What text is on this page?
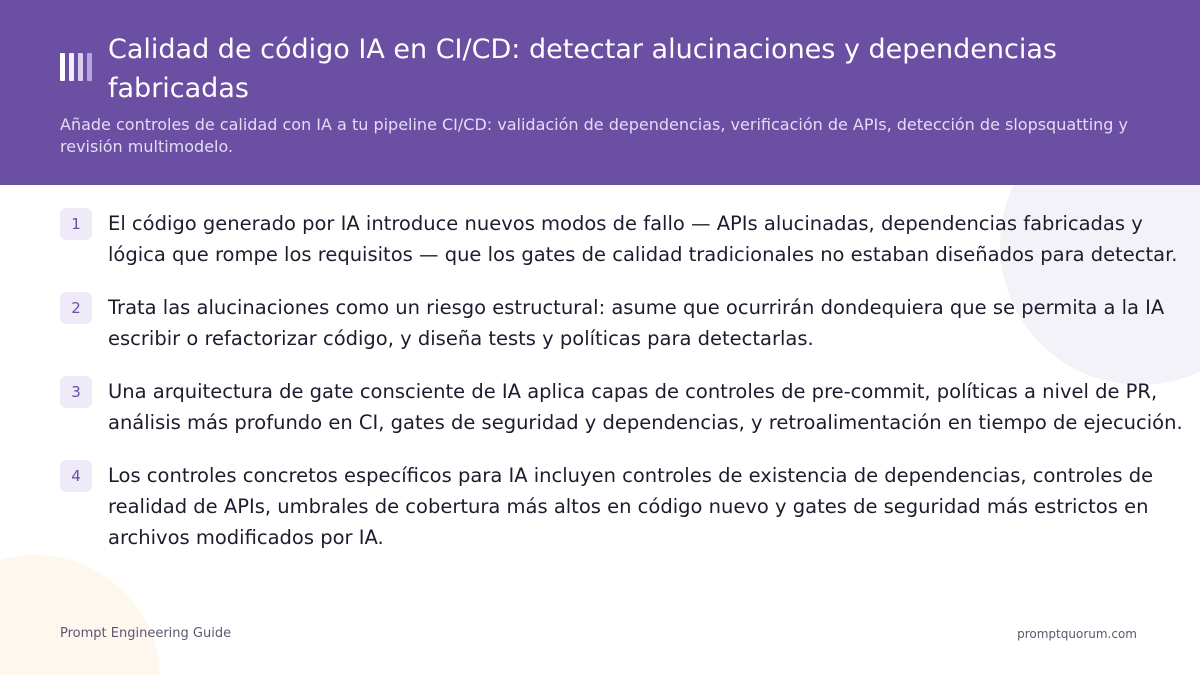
Calidad de código IA en CI/CD: detectar alucinaciones y dependencias fabricadas

Añade controles de calidad con IA a tu pipeline CI/CD: validación de dependencias, verificación de APIs, detección de slopsquatting y revisión multimodelo.

1	El código generado por IA introduce nuevos modos de fallo — APIs alucinadas, dependencias fabricadas y lógica que rompe los requisitos — que los gates de calidad tradicionales no estaban diseñados para detectar.
2	Trata las alucinaciones como un riesgo estructural: asume que ocurrirán dondequiera que se permita a la IA escribir o refactorizar código, y diseña tests y políticas para detectarlas.
3	Una arquitectura de gate consciente de IA aplica capas de controles de pre-commit, políticas a nivel de PR, análisis más profundo en CI, gates de seguridad y dependencias, y retroalimentación en tiempo de ejecución.
4	Los controles concretos específicos para IA incluyen controles de existencia de dependencias, controles de realidad de APIs, umbrales de cobertura más altos en código nuevo y gates de seguridad más estrictos en archivos modificados por IA.
Prompt Engineering Guide	promptquorum.com
